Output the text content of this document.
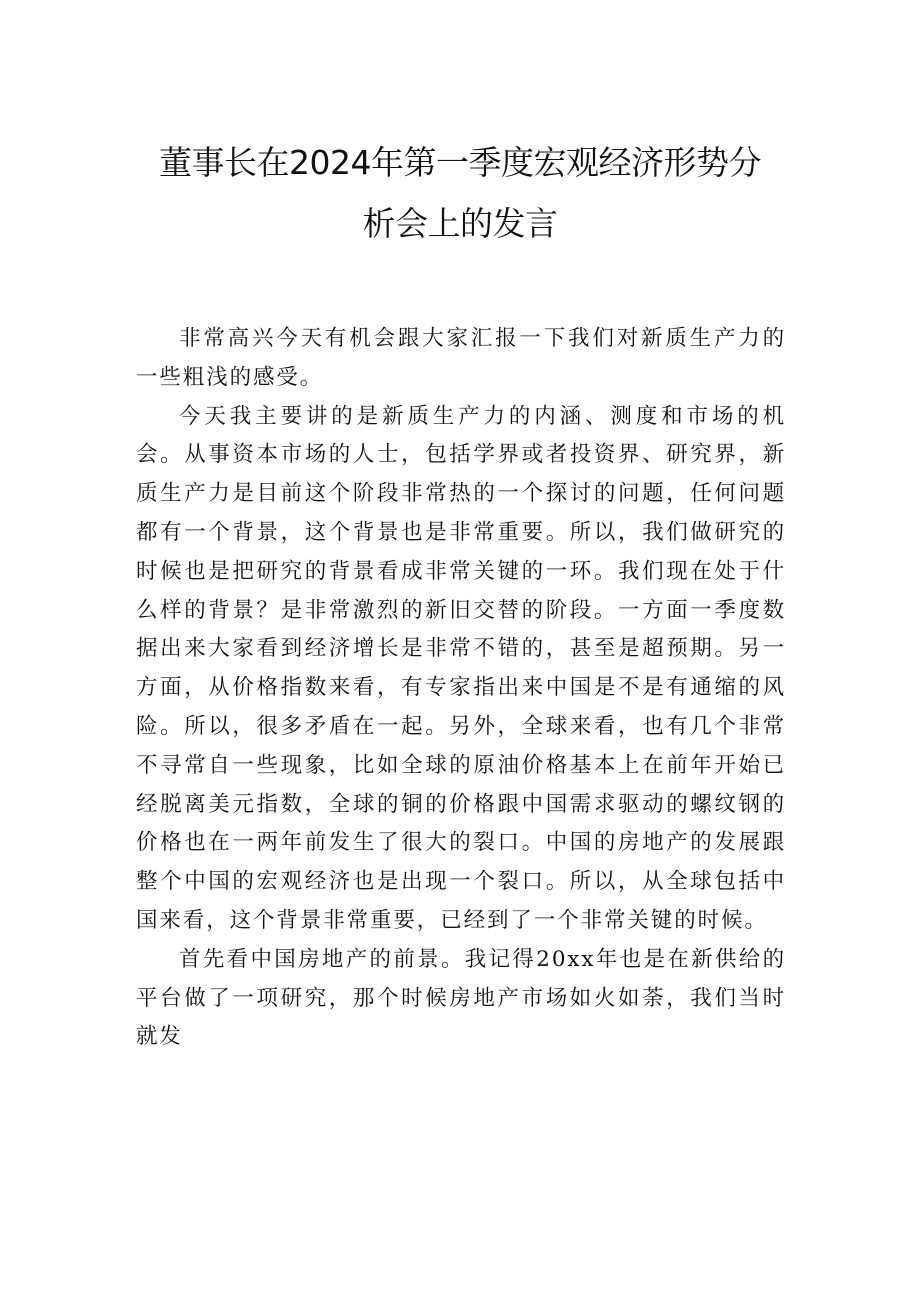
董事长在2024年第一季度宏观经济形势分
析会上的发言

非常高兴今天有机会跟大家汇报一下我们对新质生产力的一些粗浅的感受。

今天我主要讲的是新质生产力的内涵、测度和市场的机会。从事资本市场的人士，包括学界或者投资界、研究界，新质生产力是目前这个阶段非常热的一个探讨的问题，任何问题都有一个背景，这个背景也是非常重要。所以，我们做研究的时候也是把研究的背景看成非常关键的一环。我们现在处于什么样的背景？是非常激烈的新旧交替的阶段。一方面一季度数据出来大家看到经济增长是非常不错的，甚至是超预期。另一方面，从价格指数来看，有专家指出来中国是不是有通缩的风险。所以，很多矛盾在一起。另外，全球来看，也有几个非常不寻常自一些现象，比如全球的原油价格基本上在前年开始已经脱离美元指数，全球的铜的价格跟中国需求驱动的螺纹钢的价格也在一两年前发生了很大的裂口。中国的房地产的发展跟整个中国的宏观经济也是出现一个裂口。所以，从全球包括中国来看，这个背景非常重要，已经到了一个非常关键的时候。

首先看中国房地产的前景。我记得20xx年也是在新供给的平台做了一项研究，那个时候房地产市场如火如荼，我们当时就发
